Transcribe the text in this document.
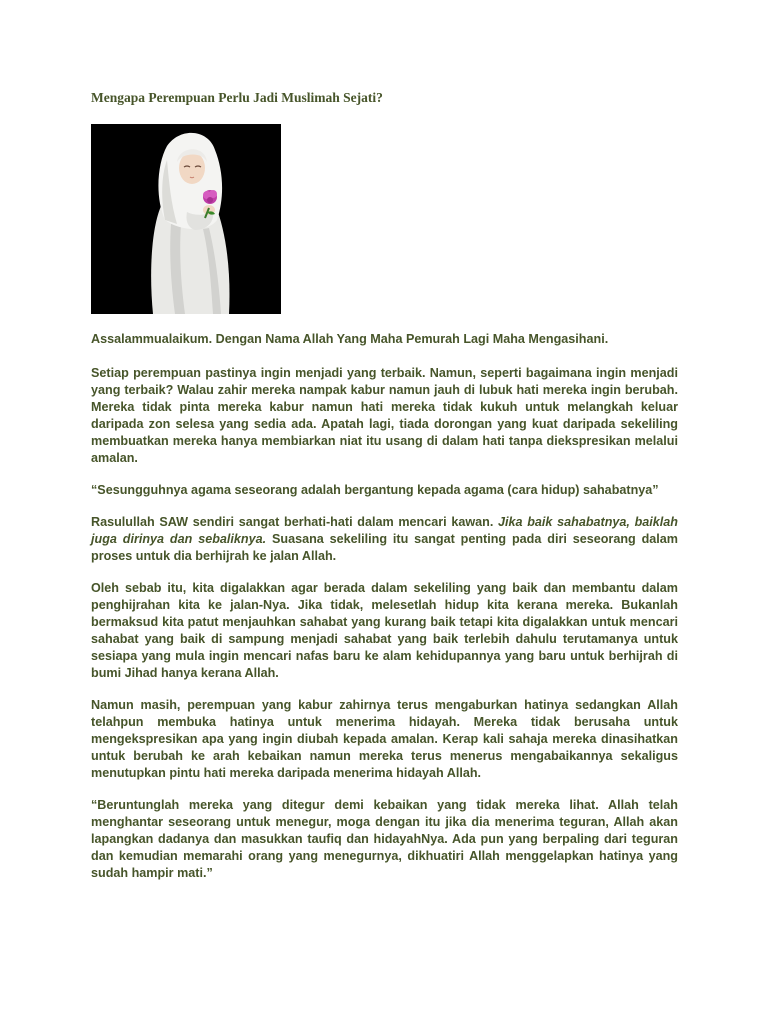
Mengapa Perempuan Perlu Jadi Muslimah Sejati?

Assalammualaikum. Dengan Nama Allah Yang Maha Pemurah Lagi Maha Mengasihani.

Setiap perempuan pastinya ingin menjadi yang terbaik. Namun, seperti bagaimana ingin menjadi yang terbaik? Walau zahir mereka nampak kabur namun jauh di lubuk hati mereka ingin berubah. Mereka tidak pinta mereka kabur namun hati mereka tidak kukuh untuk melangkah keluar daripada zon selesa yang sedia ada. Apatah lagi, tiada dorongan yang kuat daripada sekeliling membuatkan mereka hanya membiarkan niat itu usang di dalam hati tanpa diekspresikan melalui amalan.

“Sesungguhnya agama seseorang adalah bergantung kepada agama (cara hidup) sahabatnya”

Rasulullah SAW sendiri sangat berhati-hati dalam mencari kawan. Jika baik sahabatnya, baiklah juga dirinya dan sebaliknya. Suasana sekeliling itu sangat penting pada diri seseorang dalam proses untuk dia berhijrah ke jalan Allah.

Oleh sebab itu, kita digalakkan agar berada dalam sekeliling yang baik dan membantu dalam penghijrahan kita ke jalan-Nya. Jika tidak, melesetlah hidup kita kerana mereka. Bukanlah bermaksud kita patut menjauhkan sahabat yang kurang baik tetapi kita digalakkan untuk mencari sahabat yang baik di sampung menjadi sahabat yang baik terlebih dahulu terutamanya untuk sesiapa yang mula ingin mencari nafas baru ke alam kehidupannya yang baru untuk berhijrah di bumi Jihad hanya kerana Allah.

Namun masih, perempuan yang kabur zahirnya terus mengaburkan hatinya sedangkan Allah telahpun membuka hatinya untuk menerima hidayah. Mereka tidak berusaha untuk mengekspresikan apa yang ingin diubah kepada amalan. Kerap kali sahaja mereka dinasihatkan untuk berubah ke arah kebaikan namun mereka terus menerus mengabaikannya sekaligus menutupkan pintu hati mereka daripada menerima hidayah Allah.

“Beruntunglah mereka yang ditegur demi kebaikan yang tidak mereka lihat. Allah telah menghantar seseorang untuk menegur, moga dengan itu jika dia menerima teguran, Allah akan lapangkan dadanya dan masukkan taufiq dan hidayahNya. Ada pun yang berpaling dari teguran dan kemudian memarahi orang yang menegurnya, dikhuatiri Allah menggelapkan hatinya yang sudah hampir mati.”
